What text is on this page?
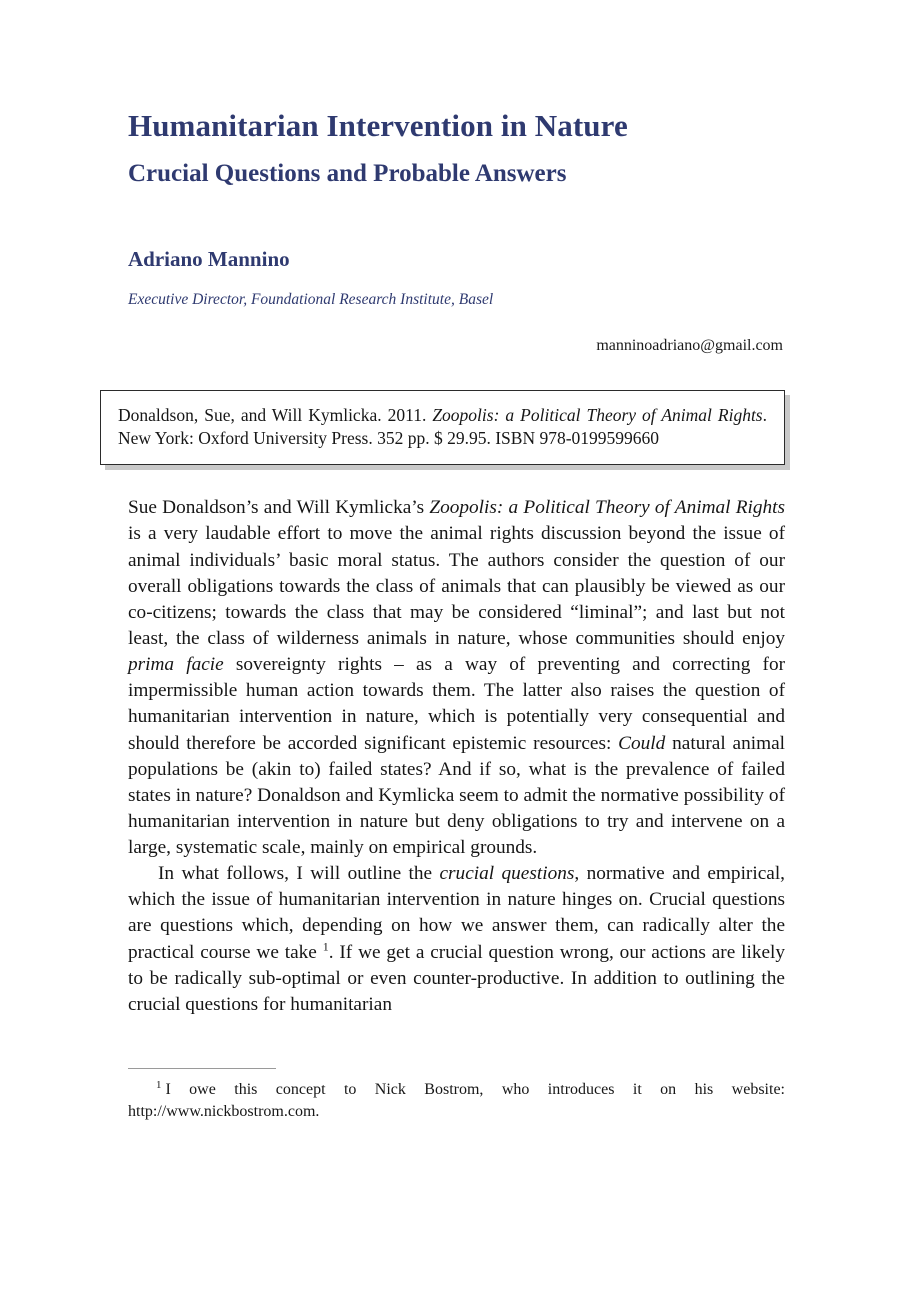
Humanitarian Intervention in Nature
Crucial Questions and Probable Answers
Adriano Mannino
Executive Director, Foundational Research Institute, Basel
manninoadriano@gmail.com

Donaldson, Sue, and Will Kymlicka. 2011. Zoopolis: a Political Theory of Animal Rights. New York: Oxford University Press. 352 pp. $ 29.95. ISBN 978-0199599660

Sue Donaldson’s and Will Kymlicka’s Zoopolis: a Political Theory of Animal Rights is a very laudable effort to move the animal rights discussion beyond the issue of animal individuals’ basic moral status. The authors consider the question of our overall obligations towards the class of animals that can plausibly be viewed as our co-citizens; towards the class that may be considered “liminal”; and last but not least, the class of wilderness animals in nature, whose communities should enjoy prima facie sovereignty rights – as a way of preventing and correcting for impermissible human action towards them. The latter also raises the question of humanitarian intervention in nature, which is potentially very consequential and should therefore be accorded significant epistemic resources: Could natural animal populations be (akin to) failed states? And if so, what is the prevalence of failed states in nature? Donaldson and Kymlicka seem to admit the normative possibility of humanitarian intervention in nature but deny obligations to try and intervene on a large, systematic scale, mainly on empirical grounds.

In what follows, I will outline the crucial questions, normative and empirical, which the issue of humanitarian intervention in nature hinges on. Crucial questions are questions which, depending on how we answer them, can radically alter the practical course we take $^1$. If we get a crucial question wrong, our actions are likely to be radically sub-optimal or even counter-productive. In addition to outlining the crucial questions for humanitarian

$^1$ I owe this concept to Nick Bostrom, who introduces it on his website: http://www.nickbostrom.com.
